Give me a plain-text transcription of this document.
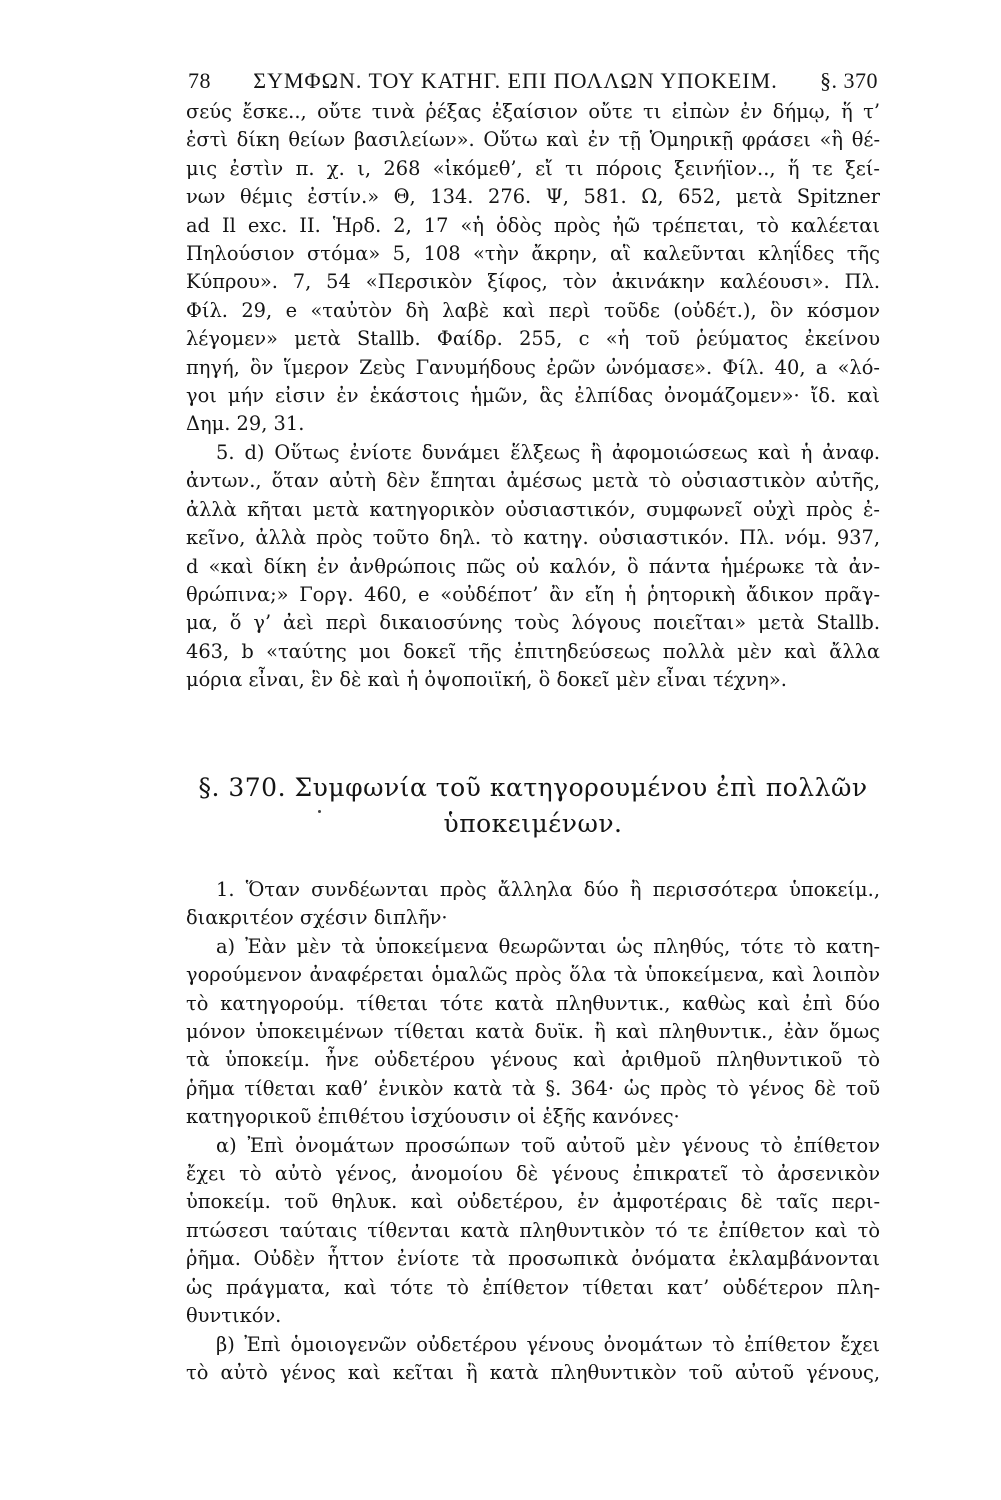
78	ΣΥΜΦΩΝ. ΤΟΥ ΚΑΤΗΓ. ΕΠΙ ΠΟΛΛΩΝ ΥΠΟΚΕΙΜ.	§. 370
σεύς ἔσκε.., οὔτε τινὰ ῥέξας ἐξαίσιον οὔτε τι εἰπὼν ἐν δήμῳ, ἥ τ’
ἐστὶ δίκη θείων βασιλείων». Οὕτω καὶ ἐν τῇ Ὁμηρικῇ φράσει «ἣ θέ-
μις ἐστὶν π. χ. ι, 268 «ἱκόμεθ’, εἴ τι πόροις ξεινήϊον.., ἥ τε ξεί-
νων θέμις ἐστίν.» Θ, 134. 276. Ψ, 581. Ω, 652, μετὰ Spitzner
ad Il exc. II. Ἡρδ. 2, 17 «ἡ ὁδὸς πρὸς ἠῶ τρέπεται, τὸ καλέεται
Πηλούσιον στόμα» 5, 108 «τὴν ἄκρην, αἳ καλεῦνται κληΐδες τῆς
Κύπρου». 7, 54 «Περσικὸν ξίφος, τὸν ἀκινάκην καλέουσι». Πλ.
Φίλ. 29, e «ταὐτὸν δὴ λαβὲ καὶ περὶ τοῦδε (οὐδέτ.), ὃν κόσμον
λέγομεν» μετὰ Stallb. Φαίδρ. 255, c «ἡ τοῦ ῥεύματος ἐκείνου
πηγή, ὃν ἵμερον Ζεὺς Γανυμήδους ἐρῶν ὠνόμασε». Φίλ. 40, a «λό-
γοι μήν εἰσιν ἐν ἑκάστοις ἡμῶν, ἃς ἐλπίδας ὀνομάζομεν»· ἴδ. καὶ
Δημ. 29, 31.
5. d) Οὕτως ἐνίοτε δυνάμει ἕλξεως ἢ ἀφομοιώσεως καὶ ἡ ἀναφ.
ἀντων., ὅταν αὐτὴ δὲν ἔπηται ἀμέσως μετὰ τὸ οὐσιαστικὸν αὐτῆς,
ἀλλὰ κῆται μετὰ κατηγορικὸν οὐσιαστικόν, συμφωνεῖ οὐχὶ πρὸς ἐ-
κεῖνο, ἀλλὰ πρὸς τοῦτο δηλ. τὸ κατηγ. οὐσιαστικόν. Πλ. νόμ. 937,
d «καὶ δίκη ἐν ἀνθρώποις πῶς οὐ καλόν, ὃ πάντα ἡμέρωκε τὰ ἀν-
θρώπινα;» Γοργ. 460, e «οὐδέποτ’ ἂν εἴη ἡ ῥητορικὴ ἄδικον πρᾶγ-
μα, ὅ γ’ ἀεὶ περὶ δικαιοσύνης τοὺς λόγους ποιεῖται» μετὰ Stallb.
463, b «ταύτης μοι δοκεῖ τῆς ἐπιτηδεύσεως πολλὰ μὲν καὶ ἄλλα
μόρια εἶναι, ἓν δὲ καὶ ἡ ὀψοποιϊκή, ὃ δοκεῖ μὲν εἶναι τέχνη».
§. 370. Συμφωνία τοῦ κατηγορουμένου ἐπὶ πολλῶν
ὑποκειμένων.
1. Ὅταν συνδέωνται πρὸς ἄλληλα δύο ἢ περισσότερα ὑποκείμ.,
διακριτέον σχέσιν διπλῆν·
a) Ἐὰν μὲν τὰ ὑποκείμενα θεωρῶνται ὡς πληθύς, τότε τὸ κατη-
γορούμενον ἀναφέρεται ὁμαλῶς πρὸς ὅλα τὰ ὑποκείμενα, καὶ λοιπὸν
τὸ κατηγορούμ. τίθεται τότε κατὰ πληθυντικ., καθὼς καὶ ἐπὶ δύο
μόνον ὑποκειμένων τίθεται κατὰ δυϊκ. ἢ καὶ πληθυντικ., ἐὰν ὅμως
τὰ ὑποκείμ. ἦνε οὐδετέρου γένους καὶ ἀριθμοῦ πληθυντικοῦ τὸ
ῥῆμα τίθεται καθ’ ἑνικὸν κατὰ τὰ §. 364· ὡς πρὸς τὸ γένος δὲ τοῦ
κατηγορικοῦ ἐπιθέτου ἰσχύουσιν οἱ ἑξῆς κανόνες·
α) Ἐπὶ ὀνομάτων προσώπων τοῦ αὐτοῦ μὲν γένους τὸ ἐπίθετον
ἔχει τὸ αὐτὸ γένος, ἀνομοίου δὲ γένους ἐπικρατεῖ τὸ ἀρσενικὸν
ὑποκείμ. τοῦ θηλυκ. καὶ οὐδετέρου, ἐν ἀμφοτέραις δὲ ταῖς περι-
πτώσεσι ταύταις τίθενται κατὰ πληθυντικὸν τό τε ἐπίθετον καὶ τὸ
ῥῆμα. Οὐδὲν ἧττον ἐνίοτε τὰ προσωπικὰ ὀνόματα ἐκλαμβάνονται
ὡς πράγματα, καὶ τότε τὸ ἐπίθετον τίθεται κατ’ οὐδέτερον πλη-
θυντικόν.
β) Ἐπὶ ὁμοιογενῶν οὐδετέρου γένους ὀνομάτων τὸ ἐπίθετον ἔχει
τὸ αὐτὸ γένος καὶ κεῖται ἢ κατὰ πληθυντικὸν τοῦ αὐτοῦ γένους,
